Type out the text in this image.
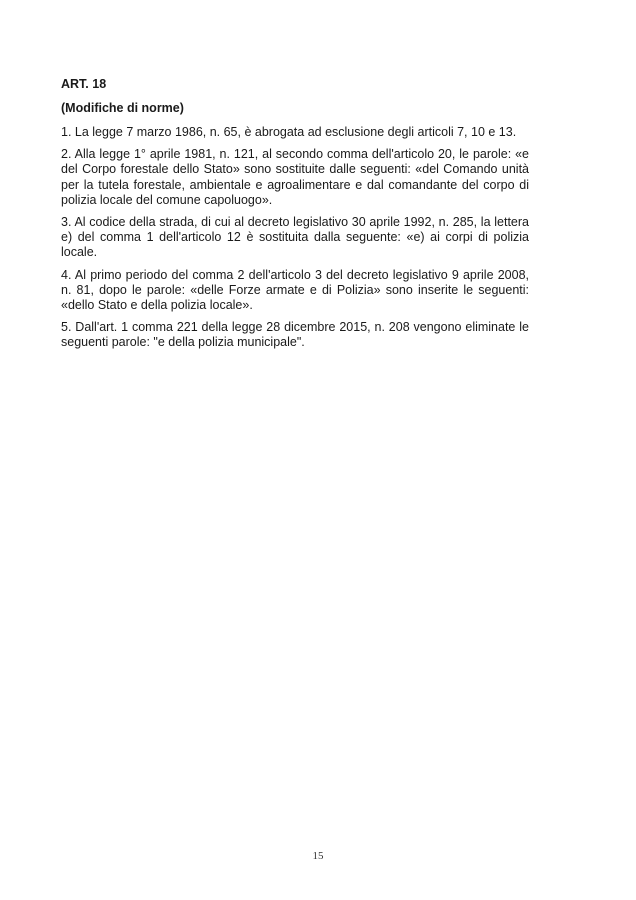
ART. 18
(Modifiche di norme)

1. La legge 7 marzo 1986, n. 65, è abrogata ad esclusione degli articoli 7, 10 e 13.

2. Alla legge 1° aprile 1981, n. 121, al secondo comma dell'articolo 20, le parole: «e del Corpo forestale dello Stato» sono sostituite dalle seguenti: «del Comando unità per la tutela forestale, ambientale e agroalimentare e dal comandante del corpo di polizia locale del comune capoluogo».

3. Al codice della strada, di cui al decreto legislativo 30 aprile 1992, n. 285, la lettera e) del comma 1 dell'articolo 12 è sostituita dalla seguente: «e) ai corpi di polizia locale.

4. Al primo periodo del comma 2 dell'articolo 3 del decreto legislativo 9 aprile 2008, n. 81, dopo le parole: «delle Forze armate e di Polizia» sono inserite le seguenti: «dello Stato e della polizia locale».

5. Dall'art. 1 comma 221 della legge 28 dicembre 2015, n. 208 vengono eliminate le seguenti parole: "e della polizia municipale".

15
